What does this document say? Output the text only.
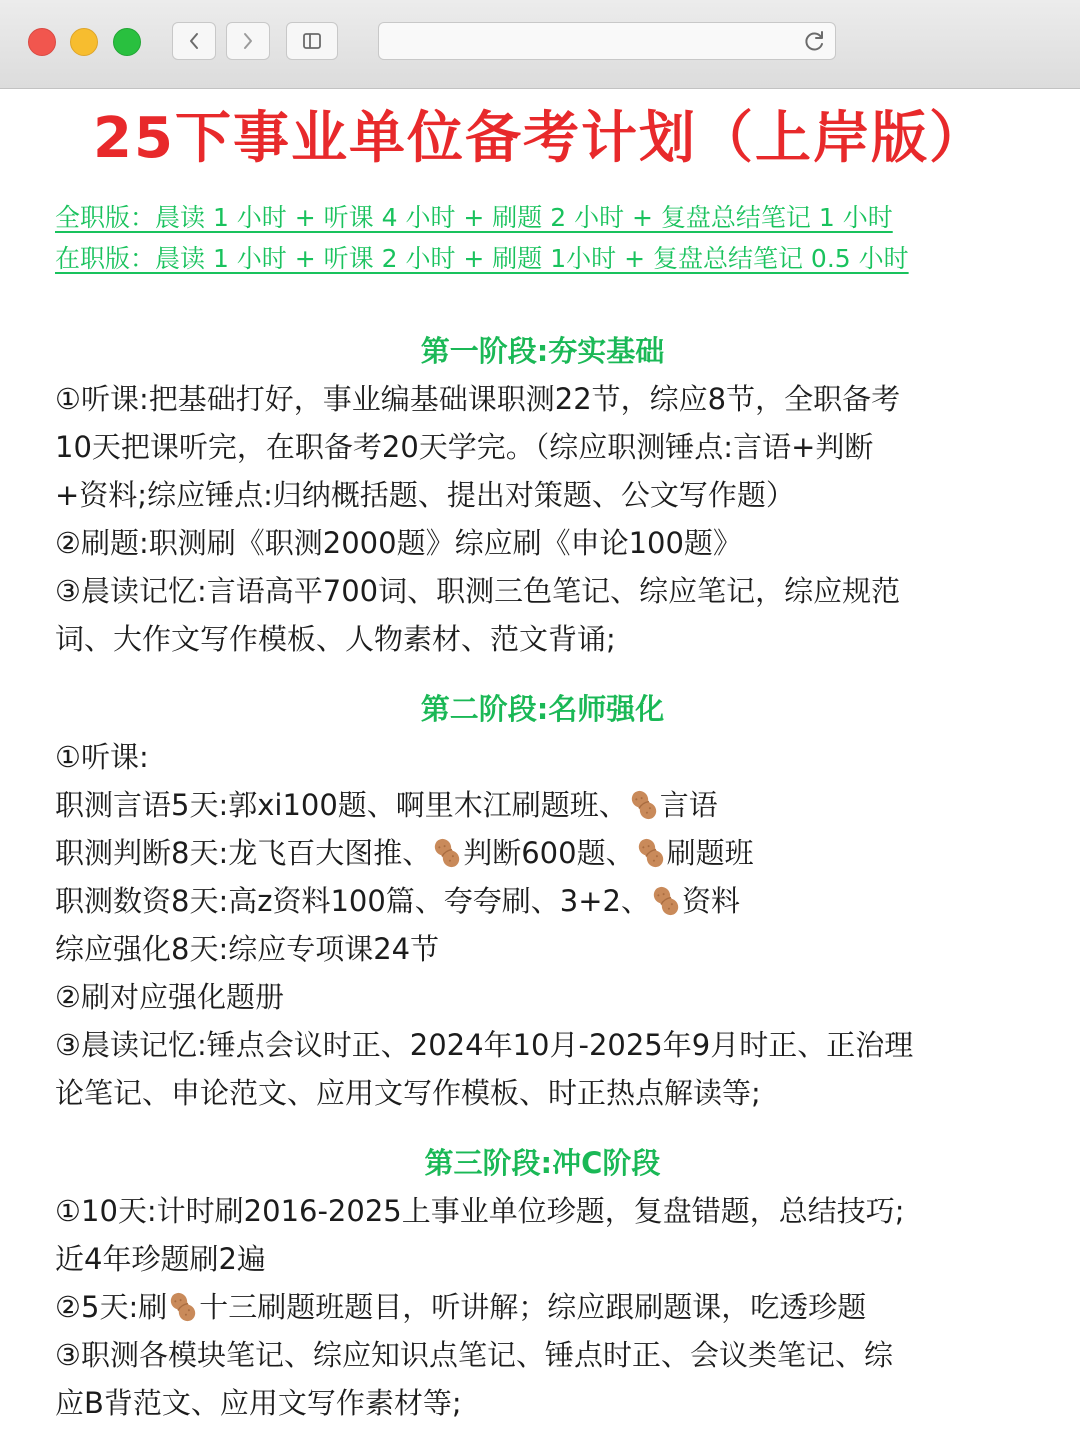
25下事业单位备考计划（上岸版）
全职版：晨读 1 小时 + 听课 4 小时 + 刷题 2 小时 + 复盘总结笔记 1 小时
在职版：晨读 1 小时 + 听课 2 小时 + 刷题 1小时 + 复盘总结笔记 0.5 小时
第一阶段:夯实基础
①听课:把基础打好，事业编基础课职测22节，综应8节，全职备考
10天把课听完，在职备考20天学完。（综应职测锤点:言语+判断
+资料;综应锤点:归纳概括题、提出对策题、公文写作题）
②刷题:职测刷《职测2000题》综应刷《申论100题》
③晨读记忆:言语高平700词、职测三色笔记、综应笔记，综应规范
词、大作文写作模板、人物素材、范文背诵;
第二阶段:名师强化
①听课:
职测言语5天:郭xi100题、啊里木江刷题班、 言语
职测判断8天:龙飞百大图推、 判断600题、 刷题班
职测数资8天:高z资料100篇、夸夸刷、3+2、 资料
综应强化8天:综应专项课24节
②刷对应强化题册
③晨读记忆:锤点会议时正、2024年10月-2025年9月时正、正治理
论笔记、申论范文、应用文写作模板、时正热点解读等;
第三阶段:冲C阶段
①10天:计时刷2016-2025上事业单位珍题，复盘错题，总结技巧;
近4年珍题刷2遍
②5天:刷 十三刷题班题目，听讲解；综应跟刷题课，吃透珍题
③职测各模块笔记、综应知识点笔记、锤点时正、会议类笔记、综
应B背范文、应用文写作素材等;
